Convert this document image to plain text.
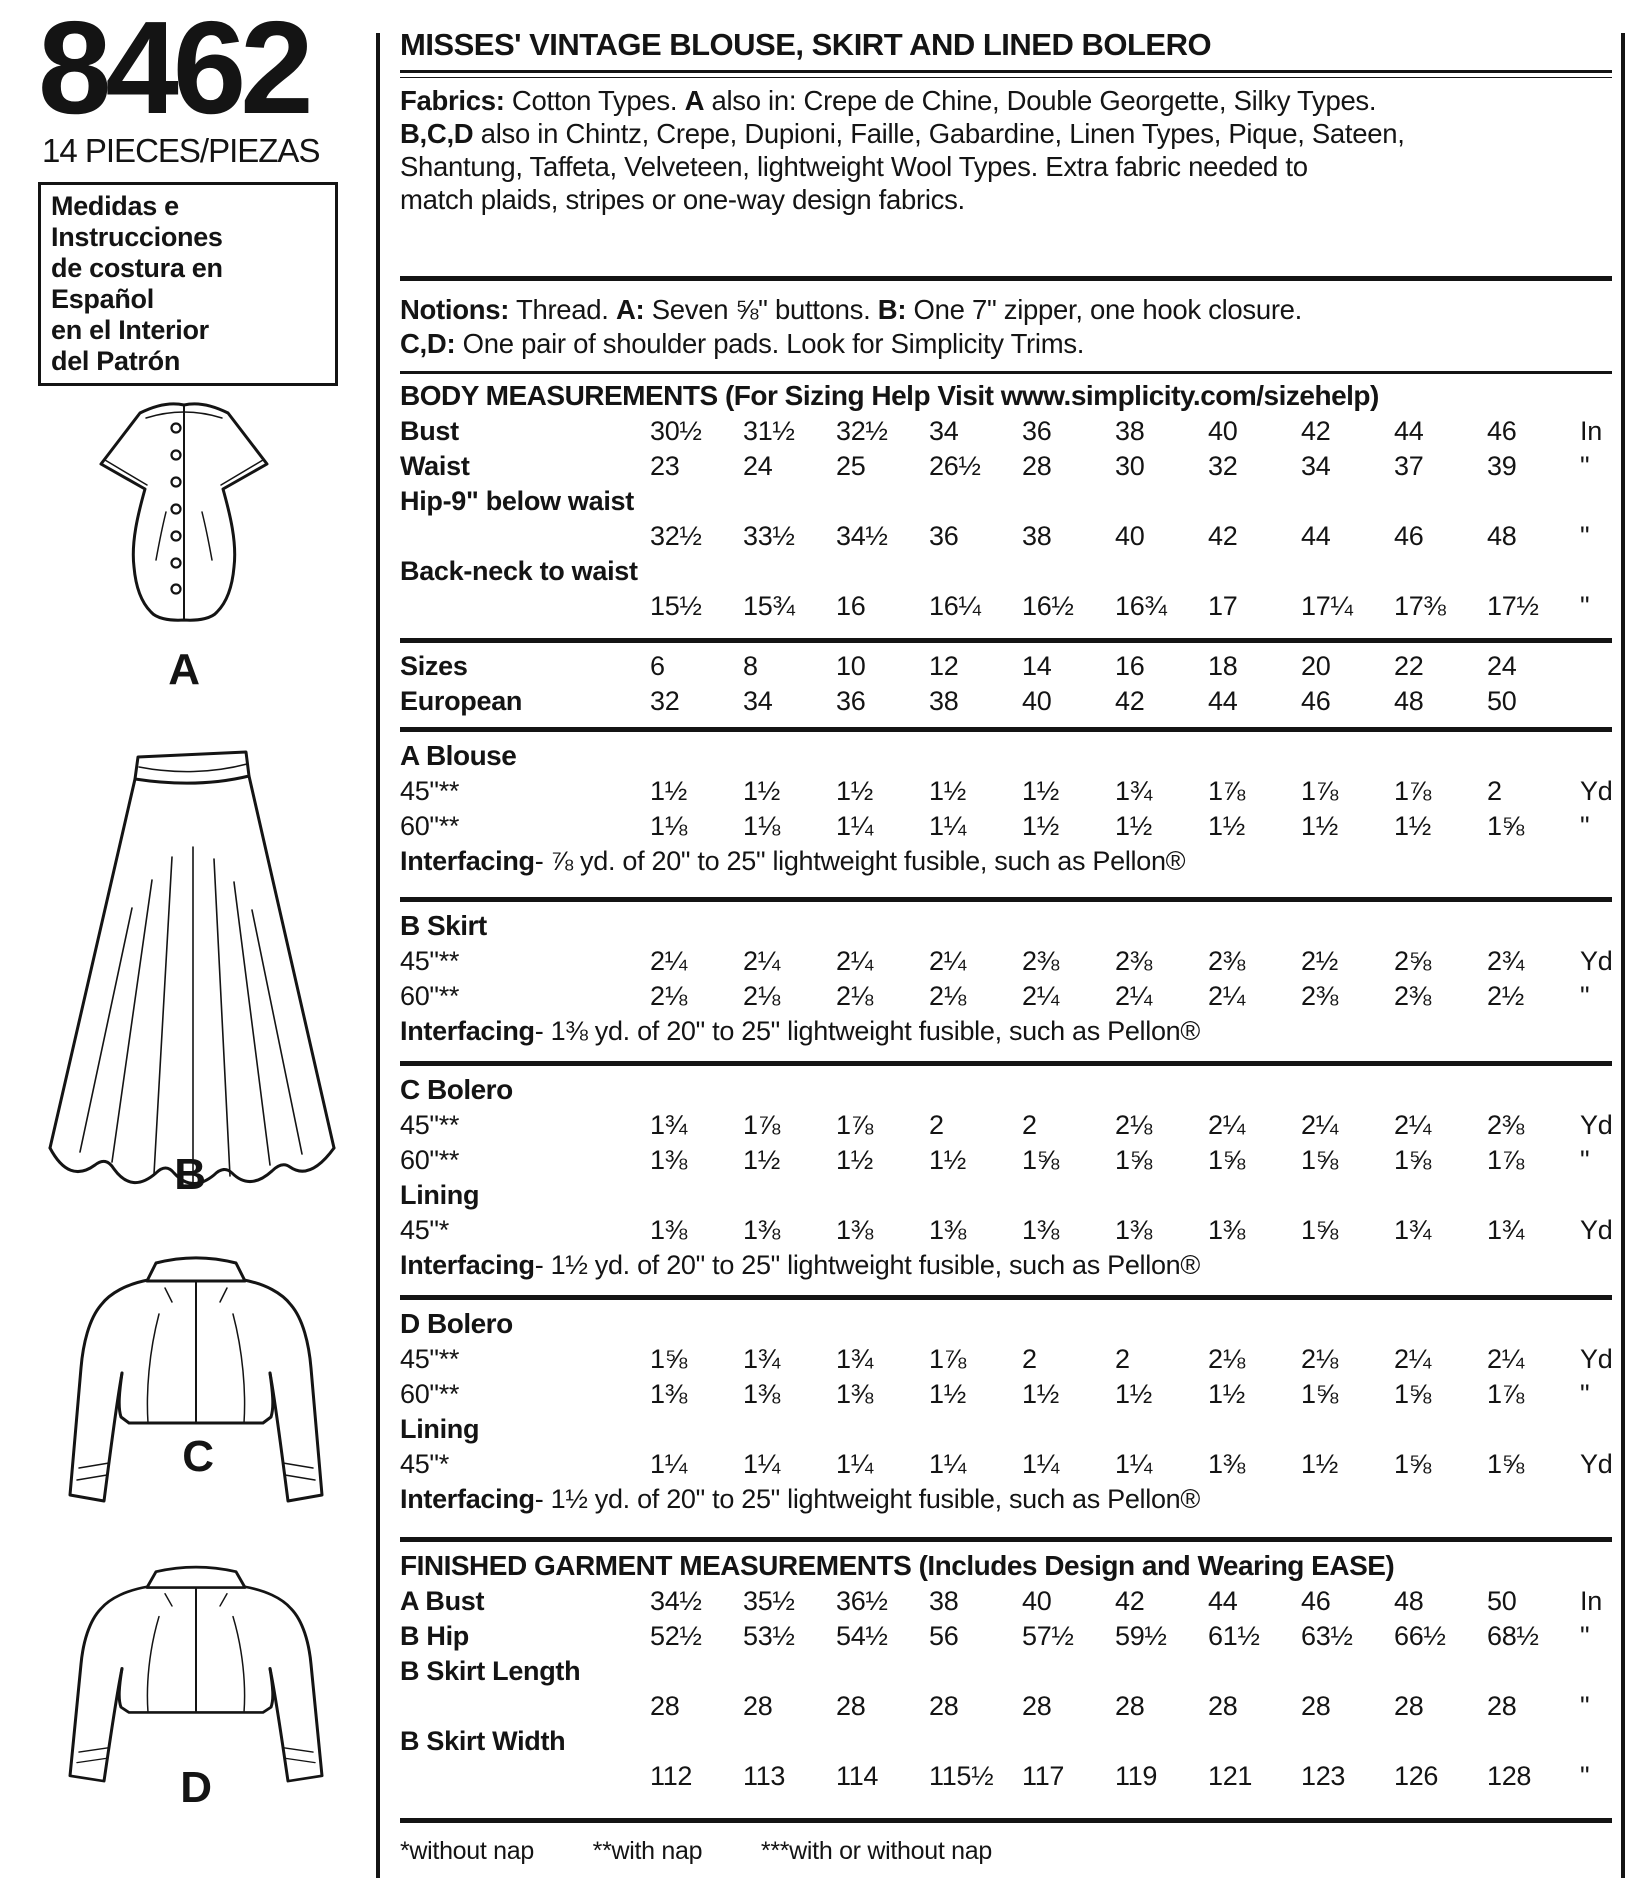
8462
14 PIECES/PIEZAS
Medidas e Instrucciones
de costura en Español
en el Interior
del Patrón
A
B
C
D
MISSES' VINTAGE BLOUSE, SKIRT AND LINED BOLERO
Fabrics: Cotton Types. A also in: Crepe de Chine, Double Georgette, Silky Types.
B,C,D also in Chintz, Crepe, Dupioni, Faille, Gabardine, Linen Types, Pique, Sateen,
Shantung, Taffeta, Velveteen, lightweight Wool Types. Extra fabric needed to
match plaids, stripes or one-way design fabrics.
Notions: Thread. A: Seven ⅝" buttons. B: One 7" zipper, one hook closure.
C,D: One pair of shoulder pads. Look for Simplicity Trims.
BODY MEASUREMENTS (For Sizing Help Visit www.simplicity.com/sizehelp)
Bust	30½	31½	32½	34	36	38	40	42	44	46	In
Waist	23	24	25	26½	28	30	32	34	37	39	"
Hip-9" below waist
32½	33½	34½	36	38	40	42	44	46	48	"
Back-neck to waist
15½	15¾	16	16¼	16½	16¾	17	17¼	17⅜	17½	"
Sizes	6	8	10	12	14	16	18	20	22	24
European	32	34	36	38	40	42	44	46	48	50
A Blouse
45"**	1½	1½	1½	1½	1½	1¾	1⅞	1⅞	1⅞	2	Yd
60"**	1⅛	1⅛	1¼	1¼	1½	1½	1½	1½	1½	1⅝	"
Interfacing- ⅞ yd. of 20" to 25" lightweight fusible, such as Pellon®
B Skirt
45"**	2¼	2¼	2¼	2¼	2⅜	2⅜	2⅜	2½	2⅝	2¾	Yd
60"**	2⅛	2⅛	2⅛	2⅛	2¼	2¼	2¼	2⅜	2⅜	2½	"
Interfacing- 1⅜ yd. of 20" to 25" lightweight fusible, such as Pellon®
C Bolero
45"**	1¾	1⅞	1⅞	2	2	2⅛	2¼	2¼	2¼	2⅜	Yd
60"**	1⅜	1½	1½	1½	1⅝	1⅝	1⅝	1⅝	1⅝	1⅞	"
Lining
45"*	1⅜	1⅜	1⅜	1⅜	1⅜	1⅜	1⅜	1⅝	1¾	1¾	Yd
Interfacing- 1½ yd. of 20" to 25" lightweight fusible, such as Pellon®
D Bolero
45"**	1⅝	1¾	1¾	1⅞	2	2	2⅛	2⅛	2¼	2¼	Yd
60"**	1⅜	1⅜	1⅜	1½	1½	1½	1½	1⅝	1⅝	1⅞	"
Lining
45"*	1¼	1¼	1¼	1¼	1¼	1¼	1⅜	1½	1⅝	1⅝	Yd
Interfacing- 1½ yd. of 20" to 25" lightweight fusible, such as Pellon®
FINISHED GARMENT MEASUREMENTS (Includes Design and Wearing EASE)
A Bust	34½	35½	36½	38	40	42	44	46	48	50	In
B Hip	52½	53½	54½	56	57½	59½	61½	63½	66½	68½	"
B Skirt Length
28	28	28	28	28	28	28	28	28	28	"
B Skirt Width
112	113	114	115½	117	119	121	123	126	128	"
*without nap **with nap ***with or without nap
